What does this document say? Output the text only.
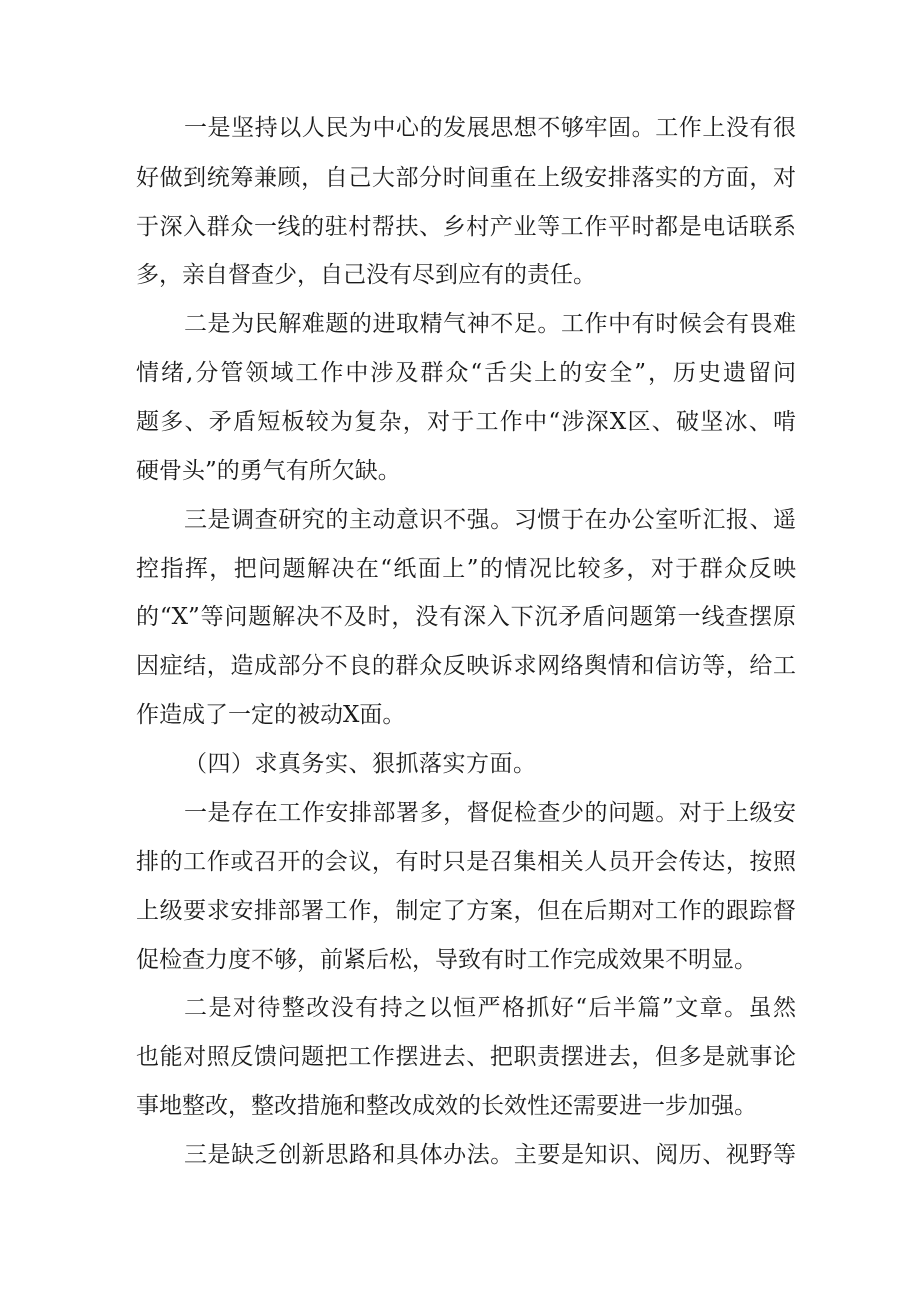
一是坚持以人民为中心的发展思想不够牢固。工作上没有很
好做到统筹兼顾，自己大部分时间重在上级安排落实的方面，对
于深入群众一线的驻村帮扶、乡村产业等工作平时都是电话联系
多，亲自督查少，自己没有尽到应有的责任。
二是为民解难题的进取精气神不足。工作中有时候会有畏难
情绪,分管领域工作中涉及群众“舌尖上的安全”，历史遗留问
题多、矛盾短板较为复杂，对于工作中“涉深X区、破坚冰、啃
硬骨头”的勇气有所欠缺。
三是调查研究的主动意识不强。习惯于在办公室听汇报、遥
控指挥，把问题解决在“纸面上”的情况比较多，对于群众反映
的“X”等问题解决不及时，没有深入下沉矛盾问题第一线查摆原
因症结，造成部分不良的群众反映诉求网络舆情和信访等，给工
作造成了一定的被动X面。
（四）求真务实、狠抓落实方面。
一是存在工作安排部署多，督促检查少的问题。对于上级安
排的工作或召开的会议，有时只是召集相关人员开会传达，按照
上级要求安排部署工作，制定了方案，但在后期对工作的跟踪督
促检查力度不够，前紧后松，导致有时工作完成效果不明显。
二是对待整改没有持之以恒严格抓好“后半篇”文章。虽然
也能对照反馈问题把工作摆进去、把职责摆进去，但多是就事论
事地整改，整改措施和整改成效的长效性还需要进一步加强。
三是缺乏创新思路和具体办法。主要是知识、阅历、视野等
